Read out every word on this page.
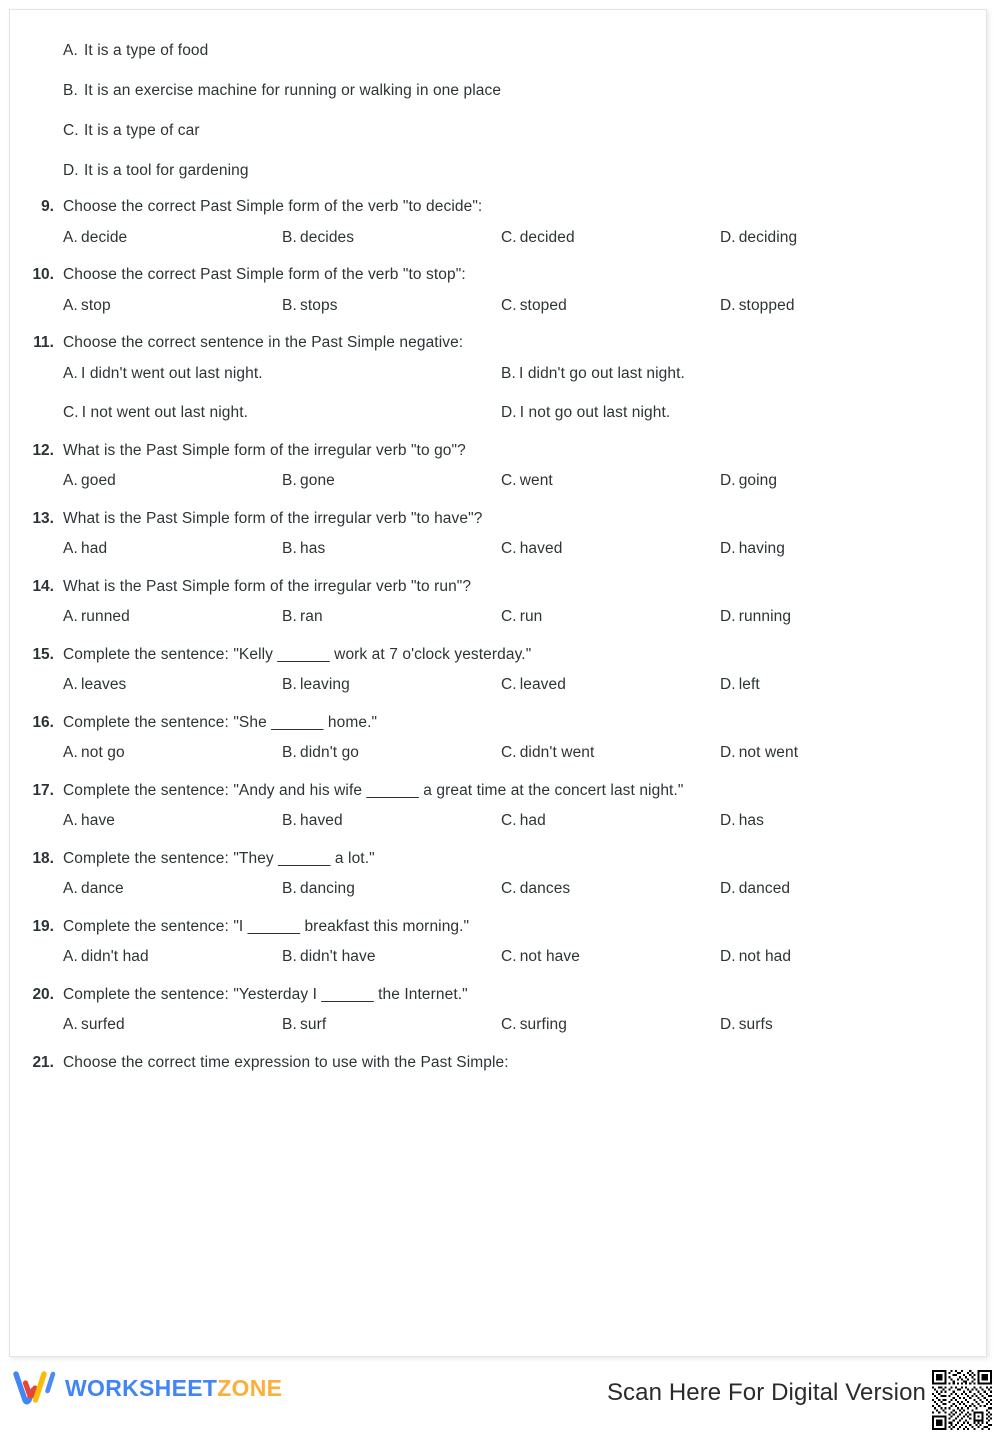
A. It is a type of food
B. It is an exercise machine for running or walking in one place
C. It is a type of car
D. It is a tool for gardening
9. Choose the correct Past Simple form of the verb "to decide":
A. decide	B. decides	C. decided	D. deciding
10. Choose the correct Past Simple form of the verb "to stop":
A. stop	B. stops	C. stoped	D. stopped
11. Choose the correct sentence in the Past Simple negative:
A. I didn't went out last night.	B. I didn't go out last night.
C. I not went out last night.	D. I not go out last night.
12. What is the Past Simple form of the irregular verb "to go"?
A. goed	B. gone	C. went	D. going
13. What is the Past Simple form of the irregular verb "to have"?
A. had	B. has	C. haved	D. having
14. What is the Past Simple form of the irregular verb "to run"?
A. runned	B. ran	C. run	D. running
15. Complete the sentence: "Kelly ______ work at 7 o'clock yesterday."
A. leaves	B. leaving	C. leaved	D. left
16. Complete the sentence: "She ______ home."
A. not go	B. didn't go	C. didn't went	D. not went
17. Complete the sentence: "Andy and his wife ______ a great time at the concert last night."
A. have	B. haved	C. had	D. has
18. Complete the sentence: "They ______ a lot."
A. dance	B. dancing	C. dances	D. danced
19. Complete the sentence: "I ______ breakfast this morning."
A. didn't had	B. didn't have	C. not have	D. not had
20. Complete the sentence: "Yesterday I ______ the Internet."
A. surfed	B. surf	C. surfing	D. surfs
21. Choose the correct time expression to use with the Past Simple:
WORKSHEETZONE	Scan Here For Digital Version
